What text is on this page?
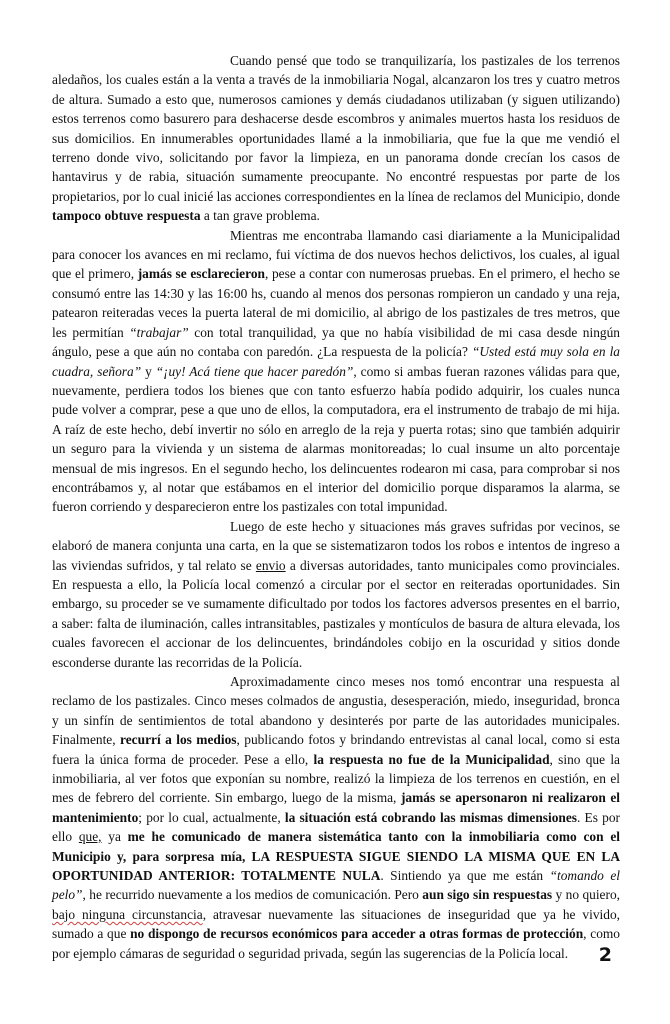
Cuando pensé que todo se tranquilizaría, los pastizales de los terrenos aledaños, los cuales están a la venta a través de la inmobiliaria Nogal, alcanzaron los tres y cuatro metros de altura. Sumado a esto que, numerosos camiones y demás ciudadanos utilizaban (y siguen utilizando) estos terrenos como basurero para deshacerse desde escombros y animales muertos hasta los residuos de sus domicilios. En innumerables oportunidades llamé a la inmobiliaria, que fue la que me vendió el terreno donde vivo, solicitando por favor la limpieza, en un panorama donde crecían los casos de hantavirus y de rabia, situación sumamente preocupante. No encontré respuestas por parte de los propietarios, por lo cual inicié las acciones correspondientes en la línea de reclamos del Municipio, donde tampoco obtuve respuesta a tan grave problema.

Mientras me encontraba llamando casi diariamente a la Municipalidad para conocer los avances en mi reclamo, fui víctima de dos nuevos hechos delictivos, los cuales, al igual que el primero, jamás se esclarecieron, pese a contar con numerosas pruebas. En el primero, el hecho se consumó entre las 14:30 y las 16:00 hs, cuando al menos dos personas rompieron un candado y una reja, patearon reiteradas veces la puerta lateral de mi domicilio, al abrigo de los pastizales de tres metros, que les permitían “trabajar” con total tranquilidad, ya que no había visibilidad de mi casa desde ningún ángulo, pese a que aún no contaba con paredón. ¿La respuesta de la policía? “Usted está muy sola en la cuadra, señora” y “¡uy! Acá tiene que hacer paredón”, como si ambas fueran razones válidas para que, nuevamente, perdiera todos los bienes que con tanto esfuerzo había podido adquirir, los cuales nunca pude volver a comprar, pese a que uno de ellos, la computadora, era el instrumento de trabajo de mi hija. A raíz de este hecho, debí invertir no sólo en arreglo de la reja y puerta rotas; sino que también adquirir un seguro para la vivienda y un sistema de alarmas monitoreadas; lo cual insume un alto porcentaje mensual de mis ingresos. En el segundo hecho, los delincuentes rodearon mi casa, para comprobar si nos encontrábamos y, al notar que estábamos en el interior del domicilio porque disparamos la alarma, se fueron corriendo y desparecieron entre los pastizales con total impunidad.

Luego de este hecho y situaciones más graves sufridas por vecinos, se elaboró de manera conjunta una carta, en la que se sistematizaron todos los robos e intentos de ingreso a las viviendas sufridos, y tal relato se envio a diversas autoridades, tanto municipales como provinciales. En respuesta a ello, la Policía local comenzó a circular por el sector en reiteradas oportunidades. Sin embargo, su proceder se ve sumamente dificultado por todos los factores adversos presentes en el barrio, a saber: falta de iluminación, calles intransitables, pastizales y montículos de basura de altura elevada, los cuales favorecen el accionar de los delincuentes, brindándoles cobijo en la oscuridad y sitios donde esconderse durante las recorridas de la Policía.

Aproximadamente cinco meses nos tomó encontrar una respuesta al reclamo de los pastizales. Cinco meses colmados de angustia, desesperación, miedo, inseguridad, bronca y un sinfín de sentimientos de total abandono y desinterés por parte de las autoridades municipales. Finalmente, recurrí a los medios, publicando fotos y brindando entrevistas al canal local, como si esta fuera la única forma de proceder. Pese a ello, la respuesta no fue de la Municipalidad, sino que la inmobiliaria, al ver fotos que exponían su nombre, realizó la limpieza de los terrenos en cuestión, en el mes de febrero del corriente. Sin embargo, luego de la misma, jamás se apersonaron ni realizaron el mantenimiento; por lo cual, actualmente, la situación está cobrando las mismas dimensiones. Es por ello que, ya me he comunicado de manera sistemática tanto con la inmobiliaria como con el Municipio y, para sorpresa mía, LA RESPUESTA SIGUE SIENDO LA MISMA QUE EN LA OPORTUNIDAD ANTERIOR: TOTALMENTE NULA. Sintiendo ya que me están “tomando el pelo”, he recurrido nuevamente a los medios de comunicación. Pero aun sigo sin respuestas y no quiero, bajo ninguna circunstancia, atravesar nuevamente las situaciones de inseguridad que ya he vivido, sumado a que no dispongo de recursos económicos para acceder a otras formas de protección, como por ejemplo cámaras de seguridad o seguridad privada, según las sugerencias de la Policía local.	2
